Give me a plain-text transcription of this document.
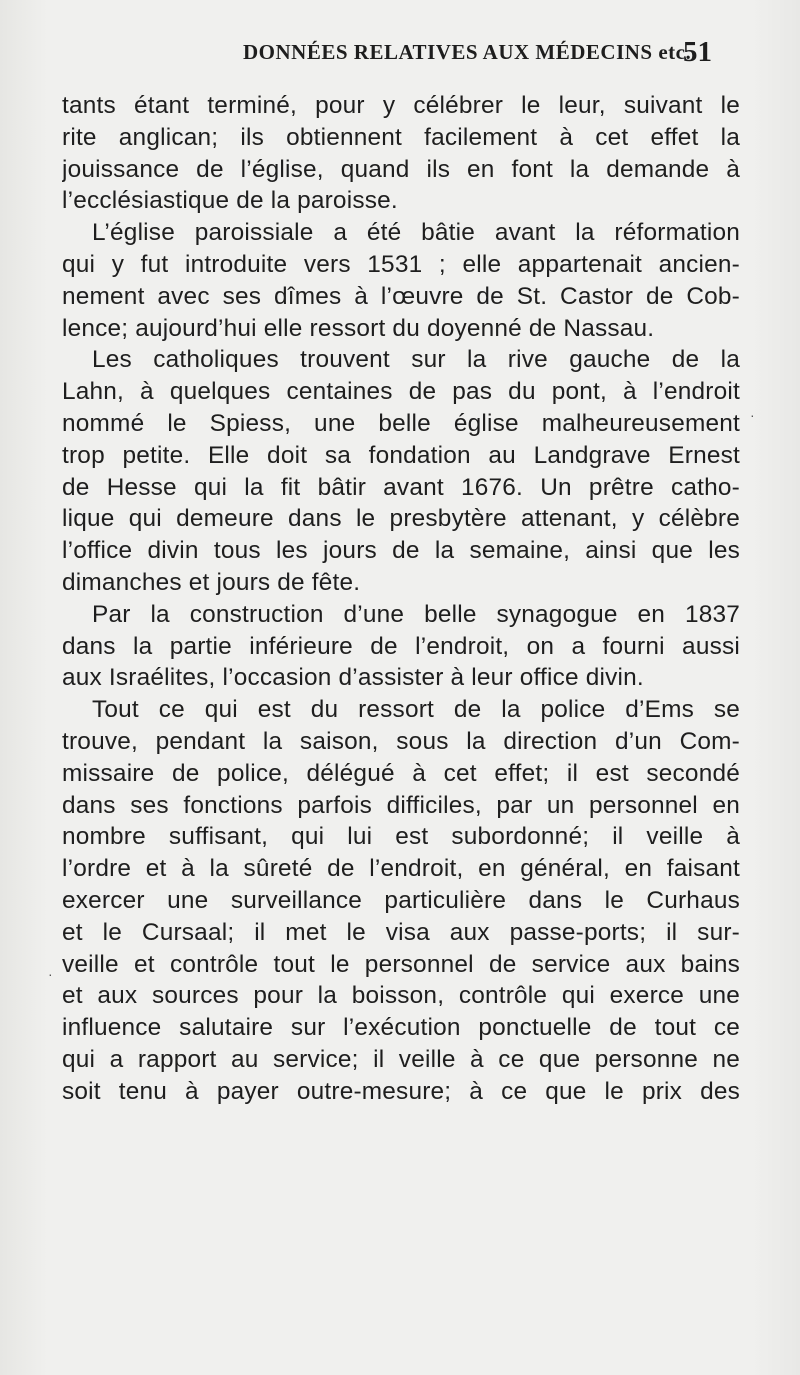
DONNÉES RELATIVES AUX MÉDECINS etc.
51
tants étant terminé, pour y célébrer le leur, suivant le
rite anglican; ils obtiennent facilement à cet effet la
jouissance de l’église, quand ils en font la demande à
l’ecclésiastique de la paroisse.
L’église paroissiale a été bâtie avant la réformation
qui y fut introduite vers 1531 ; elle appartenait ancien-
nement avec ses dîmes à l’œuvre de St. Castor de Cob-
lence; aujourd’hui elle ressort du doyenné de Nassau.
Les catholiques trouvent sur la rive gauche de la
Lahn, à quelques centaines de pas du pont, à l’endroit
nommé le Spiess, une belle église malheureusement
trop petite. Elle doit sa fondation au Landgrave Ernest
de Hesse qui la fit bâtir avant 1676. Un prêtre catho-
lique qui demeure dans le presbytère attenant, y célèbre
l’office divin tous les jours de la semaine, ainsi que les
dimanches et jours de fête.
Par la construction d’une belle synagogue en 1837
dans la partie inférieure de l’endroit, on a fourni aussi
aux Israélites, l’occasion d’assister à leur office divin.
Tout ce qui est du ressort de la police d’Ems se
trouve, pendant la saison, sous la direction d’un Com-
missaire de police, délégué à cet effet; il est secondé
dans ses fonctions parfois difficiles, par un personnel en
nombre suffisant, qui lui est subordonné; il veille à
l’ordre et à la sûreté de l’endroit, en général, en faisant
exercer une surveillance particulière dans le Curhaus
et le Cursaal; il met le visa aux passe-ports; il sur-
veille et contrôle tout le personnel de service aux bains
et aux sources pour la boisson, contrôle qui exerce une
influence salutaire sur l’exécution ponctuelle de tout ce
qui a rapport au service; il veille à ce que personne ne
soit tenu à payer outre-mesure; à ce que le prix des
·
·
